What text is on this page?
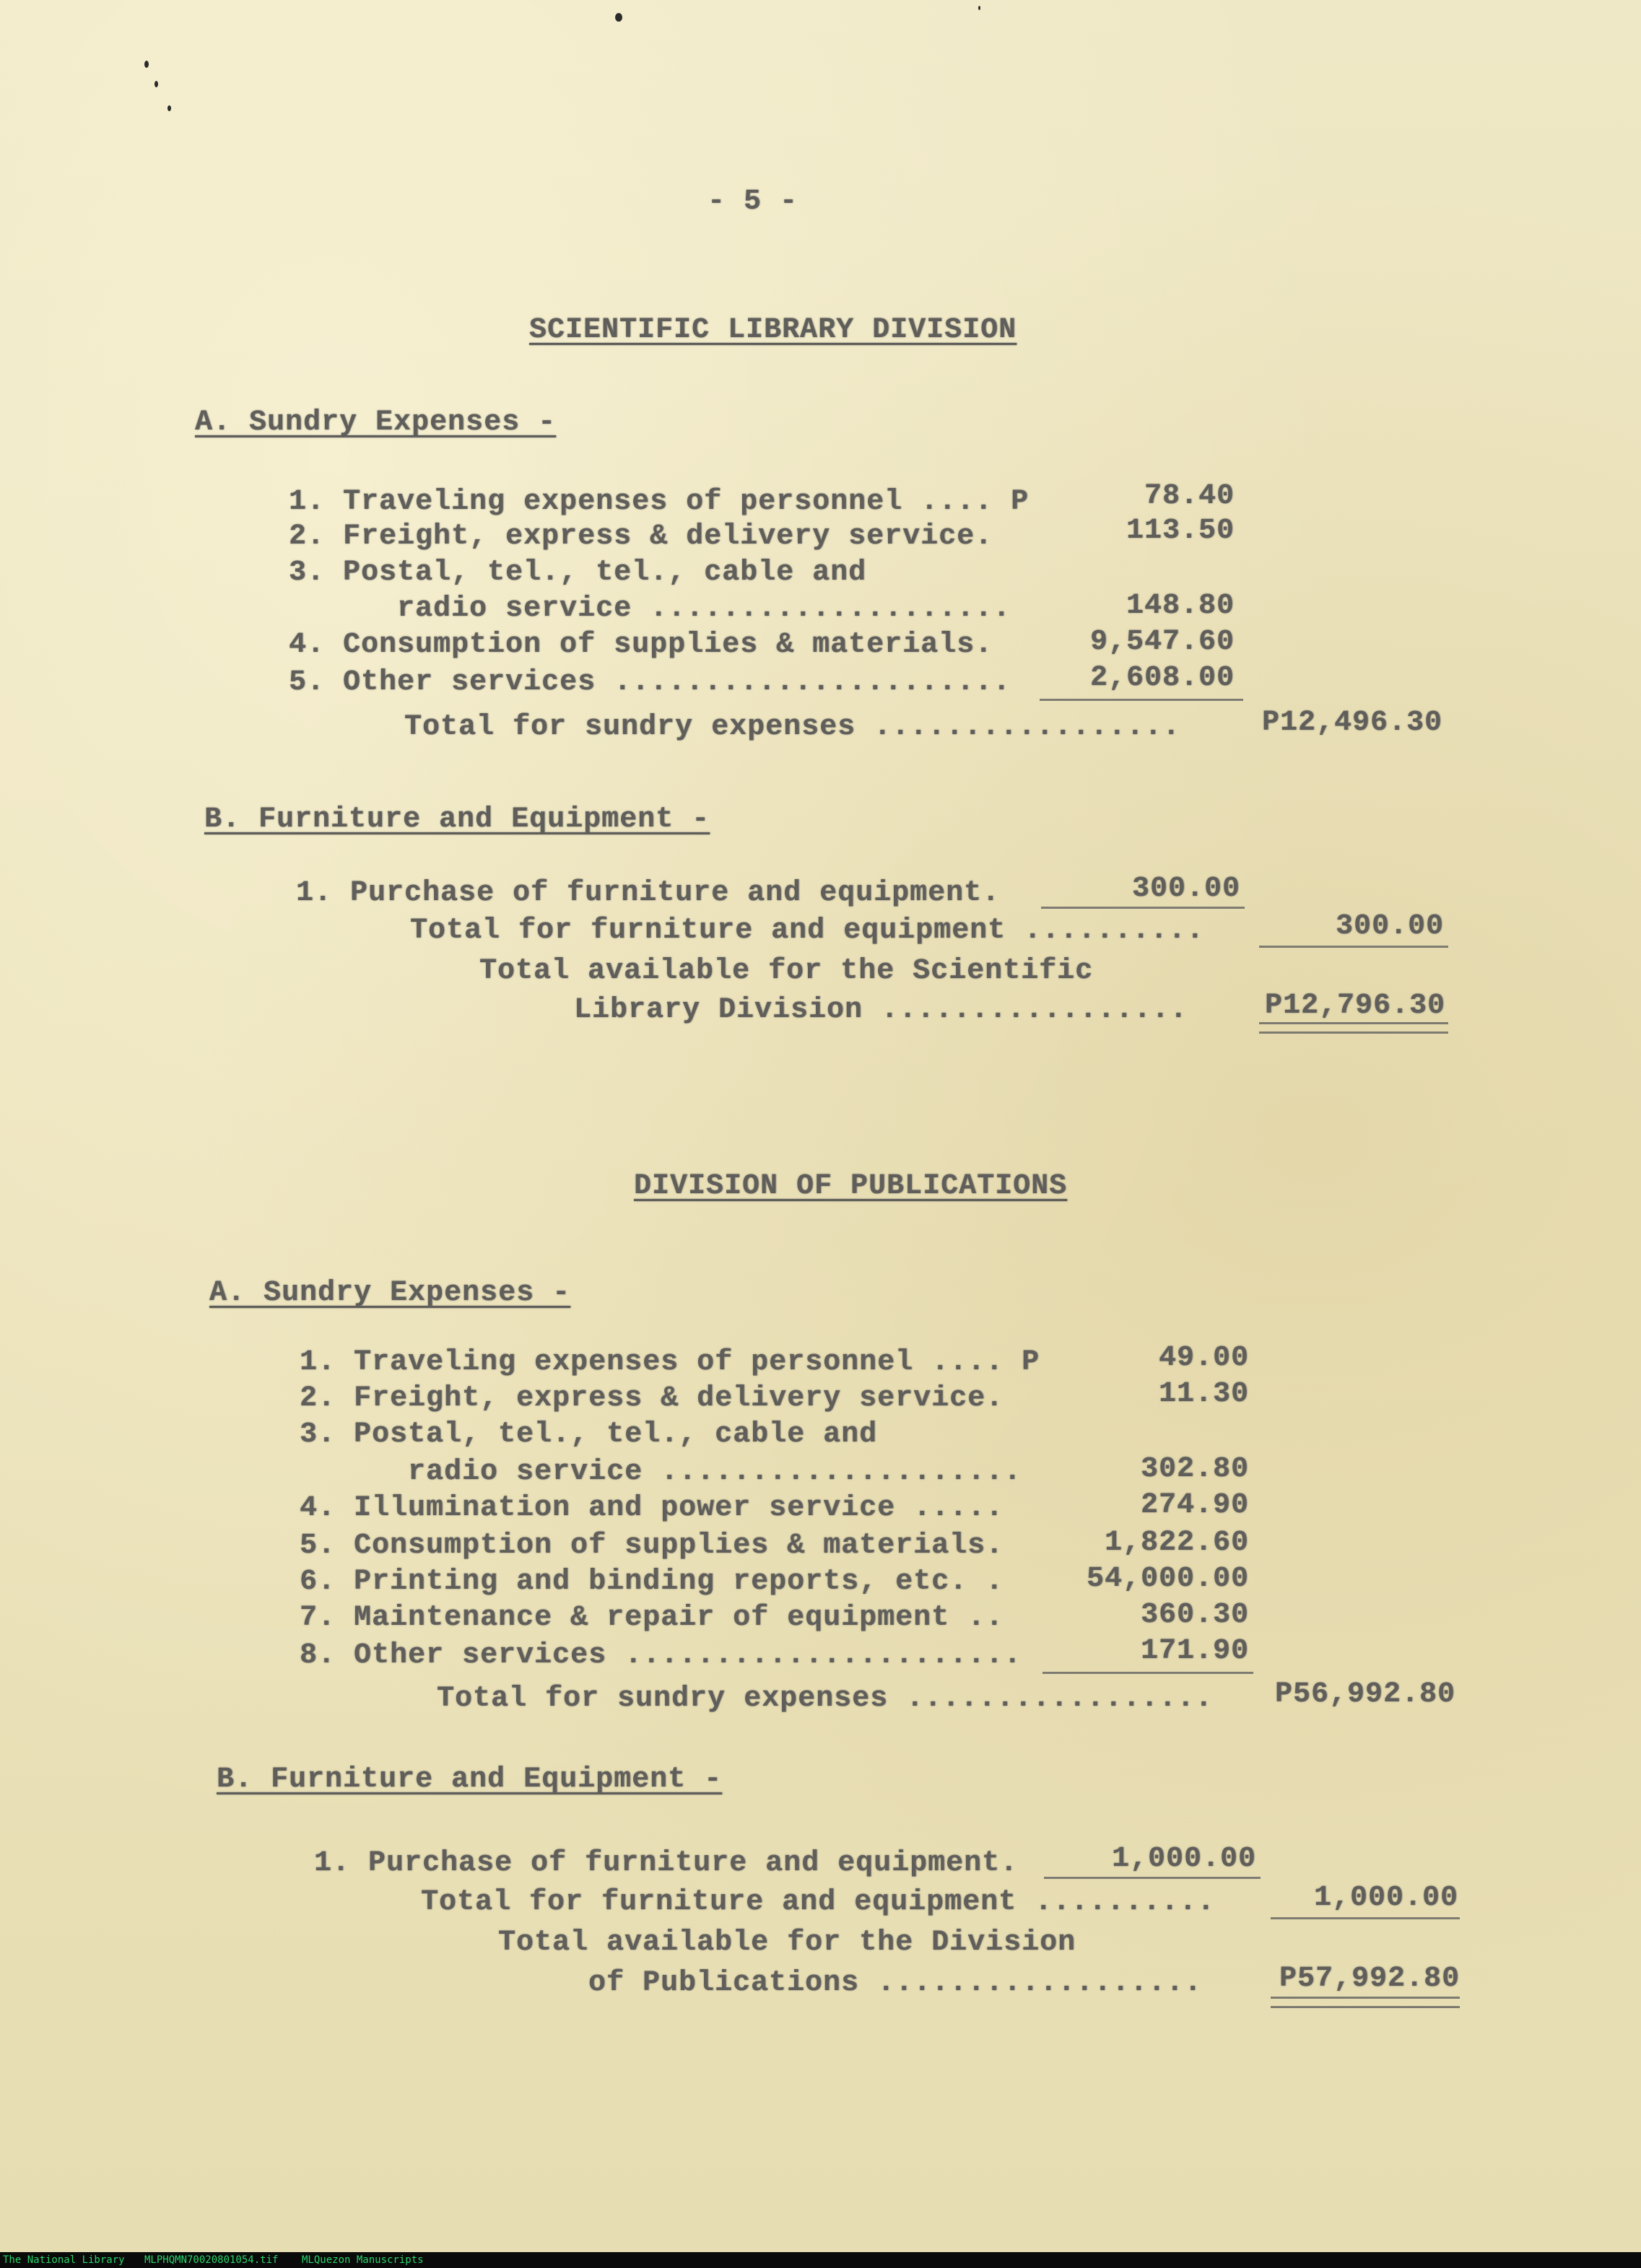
- 5 -
SCIENTIFIC LIBRARY DIVISION
A. Sundry Expenses -
1. Traveling expenses of personnel .... P	78.40
2. Freight, express & delivery service.	113.50
3. Postal, tel., tel., cable and
radio service ....................	148.80
4. Consumption of supplies & materials.	9,547.60
5. Other services ......................	2,608.00
Total for sundry expenses .................	P12,496.30
B. Furniture and Equipment -
1. Purchase of furniture and equipment.	300.00
Total for furniture and equipment ..........	300.00
Total available for the Scientific
Library Division .................	P12,796.30
DIVISION OF PUBLICATIONS
A. Sundry Expenses -
1. Traveling expenses of personnel .... P	49.00
2. Freight, express & delivery service.	11.30
3. Postal, tel., tel., cable and
radio service ....................	302.80
4. Illumination and power service .....	274.90
5. Consumption of supplies & materials.	1,822.60
6. Printing and binding reports, etc. .	54,000.00
7. Maintenance & repair of equipment ..	360.30
8. Other services ......................	171.90
Total for sundry expenses .................	P56,992.80
B. Furniture and Equipment -
1. Purchase of furniture and equipment.	1,000.00
Total for furniture and equipment ..........	1,000.00
Total available for the Division
of Publications ..................	P57,992.80
The National Library MLPHQMN70020801054.tif MLQuezon Manuscripts
